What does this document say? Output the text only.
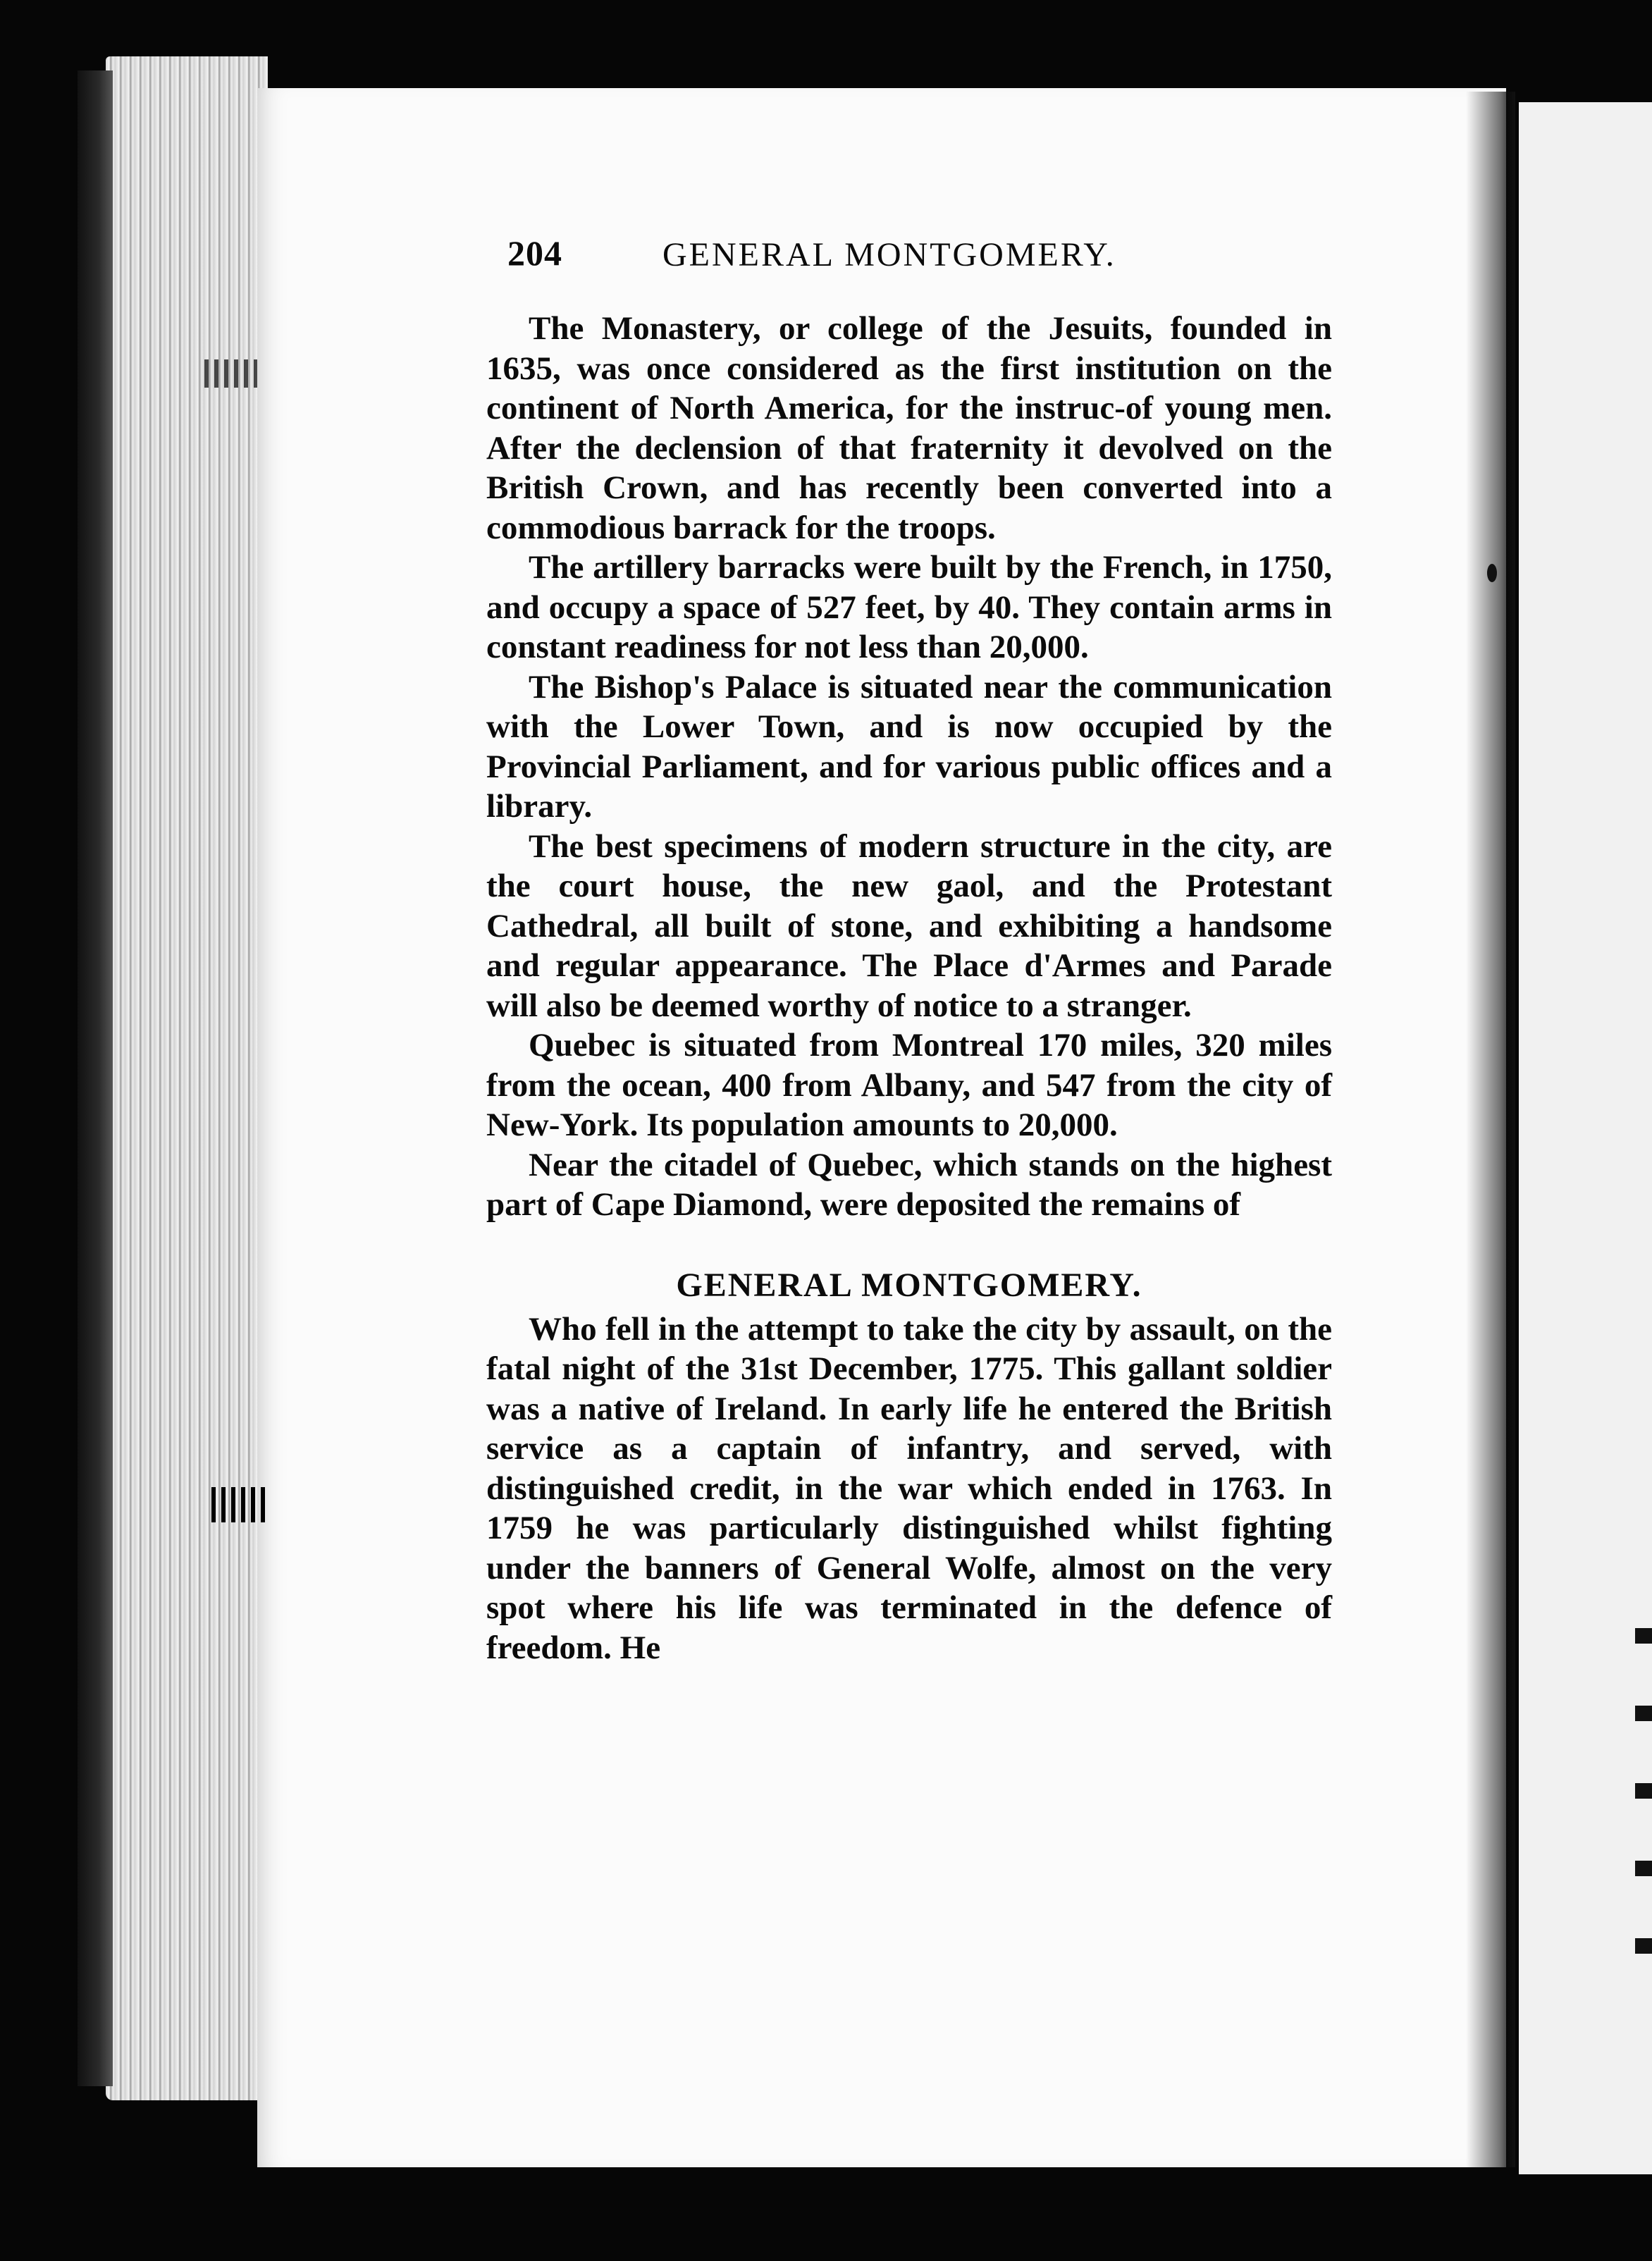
204	GENERAL MONTGOMERY.

The Monastery, or college of the Jesuits, founded in 1635, was once considered as the first institution on the continent of North America, for the instruc-of young men. After the declension of that fraternity it devolved on the British Crown, and has recently been converted into a commodious barrack for the troops.

The artillery barracks were built by the French, in 1750, and occupy a space of 527 feet, by 40. They contain arms in constant readiness for not less than 20,000.

The Bishop's Palace is situated near the communication with the Lower Town, and is now occupied by the Provincial Parliament, and for various public offices and a library.

The best specimens of modern structure in the city, are the court house, the new gaol, and the Protestant Cathedral, all built of stone, and exhibiting a handsome and regular appearance. The Place d'Armes and Parade will also be deemed worthy of notice to a stranger.

Quebec is situated from Montreal 170 miles, 320 miles from the ocean, 400 from Albany, and 547 from the city of New-York. Its population amounts to 20,000.

Near the citadel of Quebec, which stands on the highest part of Cape Diamond, were deposited the remains of

GENERAL MONTGOMERY.

Who fell in the attempt to take the city by assault, on the fatal night of the 31st December, 1775. This gallant soldier was a native of Ireland. In early life he entered the British service as a captain of infantry, and served, with distinguished credit, in the war which ended in 1763. In 1759 he was particularly distinguished whilst fighting under the banners of General Wolfe, almost on the very spot where his life was terminated in the defence of freedom. He
